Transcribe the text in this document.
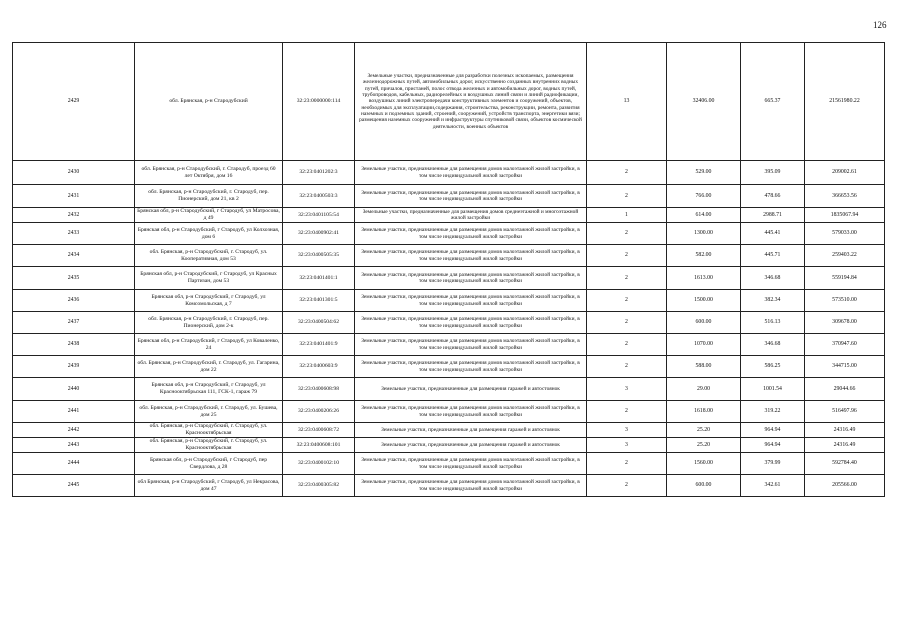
126
2429	обл. Брянская, р-н Стародубский	32:23:0000000:114	Земельные участки, предназначенные для разработки полезных ископаемых, размещения железнодорожных путей, автомобильных дорог, искусственно созданных внутренних водных путей, причалов, пристаней, полос отвода железных и автомобильных дорог, водных путей, трубопроводов, кабельных, радиорелейных и воздушных линий связи и линий радиофикации, воздушных линий электропередачи конструктивных элементов и сооружений, объектов, необходимых для эксплуатации,содержания, строительства, реконструкции, ремонта, развития наземных и подземных зданий, строений, сооружений, устройств транспорта, энергетики вязи; размещения наземных сооружений и инфраструктуры спутниковой связи, объектов космической деятельности, военных объектов	13	32406.00	665.37	21561980.22
2430	обл. Брянская, р-н Стародубский, г. Стародуб, проезд 60 лет Октября, дом 16	32:23:0401202:3	Земельные участки, предназначенные для размещения домов малоэтажной жилой застройки, в том числе индивидуальной жилой застройки	2	529.00	395.09	209002.61
2431	обл. Брянская, р-н Стародубский, г. Стародуб, пер. Пионерский, дом 21, кв 2	32:23:0400503:3	Земельные участки, предназначенные для размещения домов малоэтажной жилой застройки, в том числе индивидуальной жилой застройки	2	766.00	478.66	366653.56
2432	Брянская обл, р-н Стародубский, г Стародуб, ул Матросова, д 49	32:23:0401105:54	Земельные участки, предназначенные для размещения домов среднеэтажной и многоэтажной жилой застройки	1	614.00	2988.71	1835067.94
2433	Брянская обл, р-н Стародубский, г Стародуб, ул Колхозная, дом 6	32:23:0400902:41	Земельные участки, предназначенные для размещения домов малоэтажной жилой застройки, в том числе индивидуальной жилой застройки	2	1300.00	445.41	579033.00
2434	обл. Брянская, р-н Стародубский, г. Стародуб, ул. Кооперативная, дом 53	32:23:0400505:35	Земельные участки, предназначенные для размещения домов малоэтажной жилой застройки, в том числе индивидуальной жилой застройки	2	582.00	445.71	259403.22
2435	Брянская обл, р-н Стародубский, г Стародуб, ул Красных Партизан, дом 53	32:23:0401401:1	Земельные участки, предназначенные для размещения домов малоэтажной жилой застройки, в том числе индивидуальной жилой застройки	2	1613.00	346.68	559194.84
2436	Брянская обл, р-н Стародубский, г Стародуб, ул Комсомольская, д 7	32:23:0401301:5	Земельные участки, предназначенные для размещения домов малоэтажной жилой застройки, в том числе индивидуальной жилой застройки	2	1500.00	382.34	573510.00
2437	обл. Брянская, р-н Стародубский, г. Стародуб, пер. Пионерский, дом 2-к	32:23:0400504:62	Земельные участки, предназначенные для размещения домов малоэтажной жилой застройки, в том числе индивидуальной жилой застройки	2	600.00	516.13	309678.00
2438	Брянская обл, р-н Стародубский, г Стародуб, ул Коваленко, 24	32:23:0401401:9	Земельные участки, предназначенные для размещения домов малоэтажной жилой застройки, в том числе индивидуальной жилой застройки	2	1070.00	346.68	370947.60
2439	обл. Брянская, р-н Стародубский, г. Стародуб, ул. Гагарина, дом 22	32:23:0400603:9	Земельные участки, предназначенные для размещения домов малоэтажной жилой застройки, в том числе индивидуальной жилой застройки	2	588.00	586.25	344715.00
2440	Брянская обл, р-н Стародубский, г Стародуб, ул Краснооктябрьская 111, ГСК-1, гараж 79	32:23:0400608:98	Земельные участки, предназначенные для размещения гаражей и автостоянок	3	29.00	1001.54	29044.66
2441	обл. Брянская, р-н Стародубский, г. Стародуб, ул. Бушева, дом 25	32:23:0400206:26	Земельные участки, предназначенные для размещения домов малоэтажной жилой застройки, в том числе индивидуальной жилой застройки	2	1618.00	319.22	516497.96
2442	обл. Брянская, р-н Стародубский, г. Стародуб, ул. Краснооктябрьская	32:23:0400608:72	Земельные участки, предназначенные для размещения гаражей и автостоянок	3	25.20	964.94	24316.49
2443	обл. Брянская, р-н Стародубский, г. Стародуб, ул. Краснооктябрьская	32:23:0400608:101	Земельные участки, предназначенные для размещения гаражей и автостоянок	3	25.20	964.94	24316.49
2444	Брянская обл, р-н Стародубский, г Стародуб, пер Свердлова, д 28	32:23:0400102:10	Земельные участки, предназначенные для размещения домов малоэтажной жилой застройки, в том числе индивидуальной жилой застройки	2	1560.00	379.99	592784.40
2445	обл Брянская, р-н Стародубский, г Стародуб, ул Некрасова, дом 47	32:23:0400305:82	Земельные участки, предназначенные для размещения домов малоэтажной жилой застройки, в том числе индивидуальной жилой застройки	2	600.00	342.61	205566.00
